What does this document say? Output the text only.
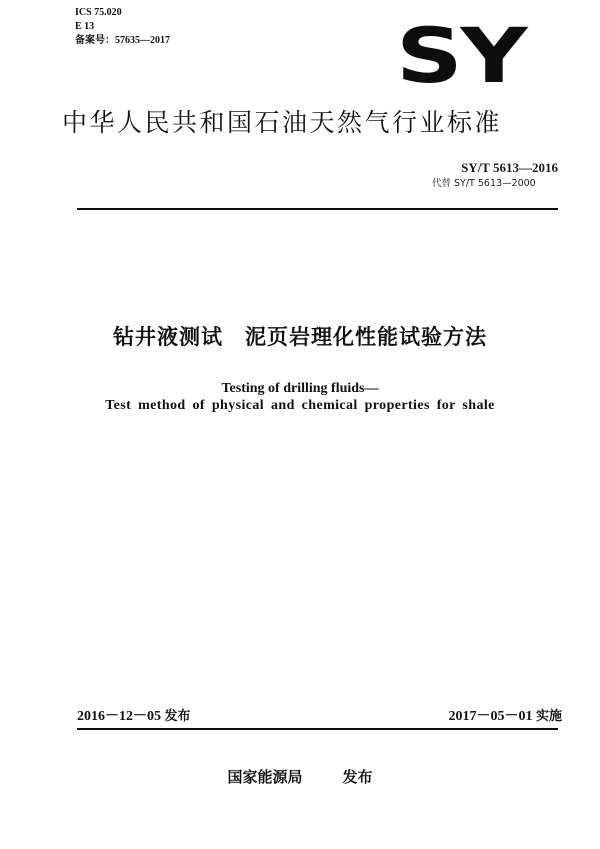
ICS 75.020
E 13
备案号：57635—2017	SY
中华人民共和国石油天然气行业标准
SY/T 5613—2016
代替 SY/T 5613—2000
钻井液测试 泥页岩理化性能试验方法
Testing of drilling fluids—
Test method of physical and chemical properties for shale
2016－12－05 发布	2017－05－01 实施
国家能源局	发布
